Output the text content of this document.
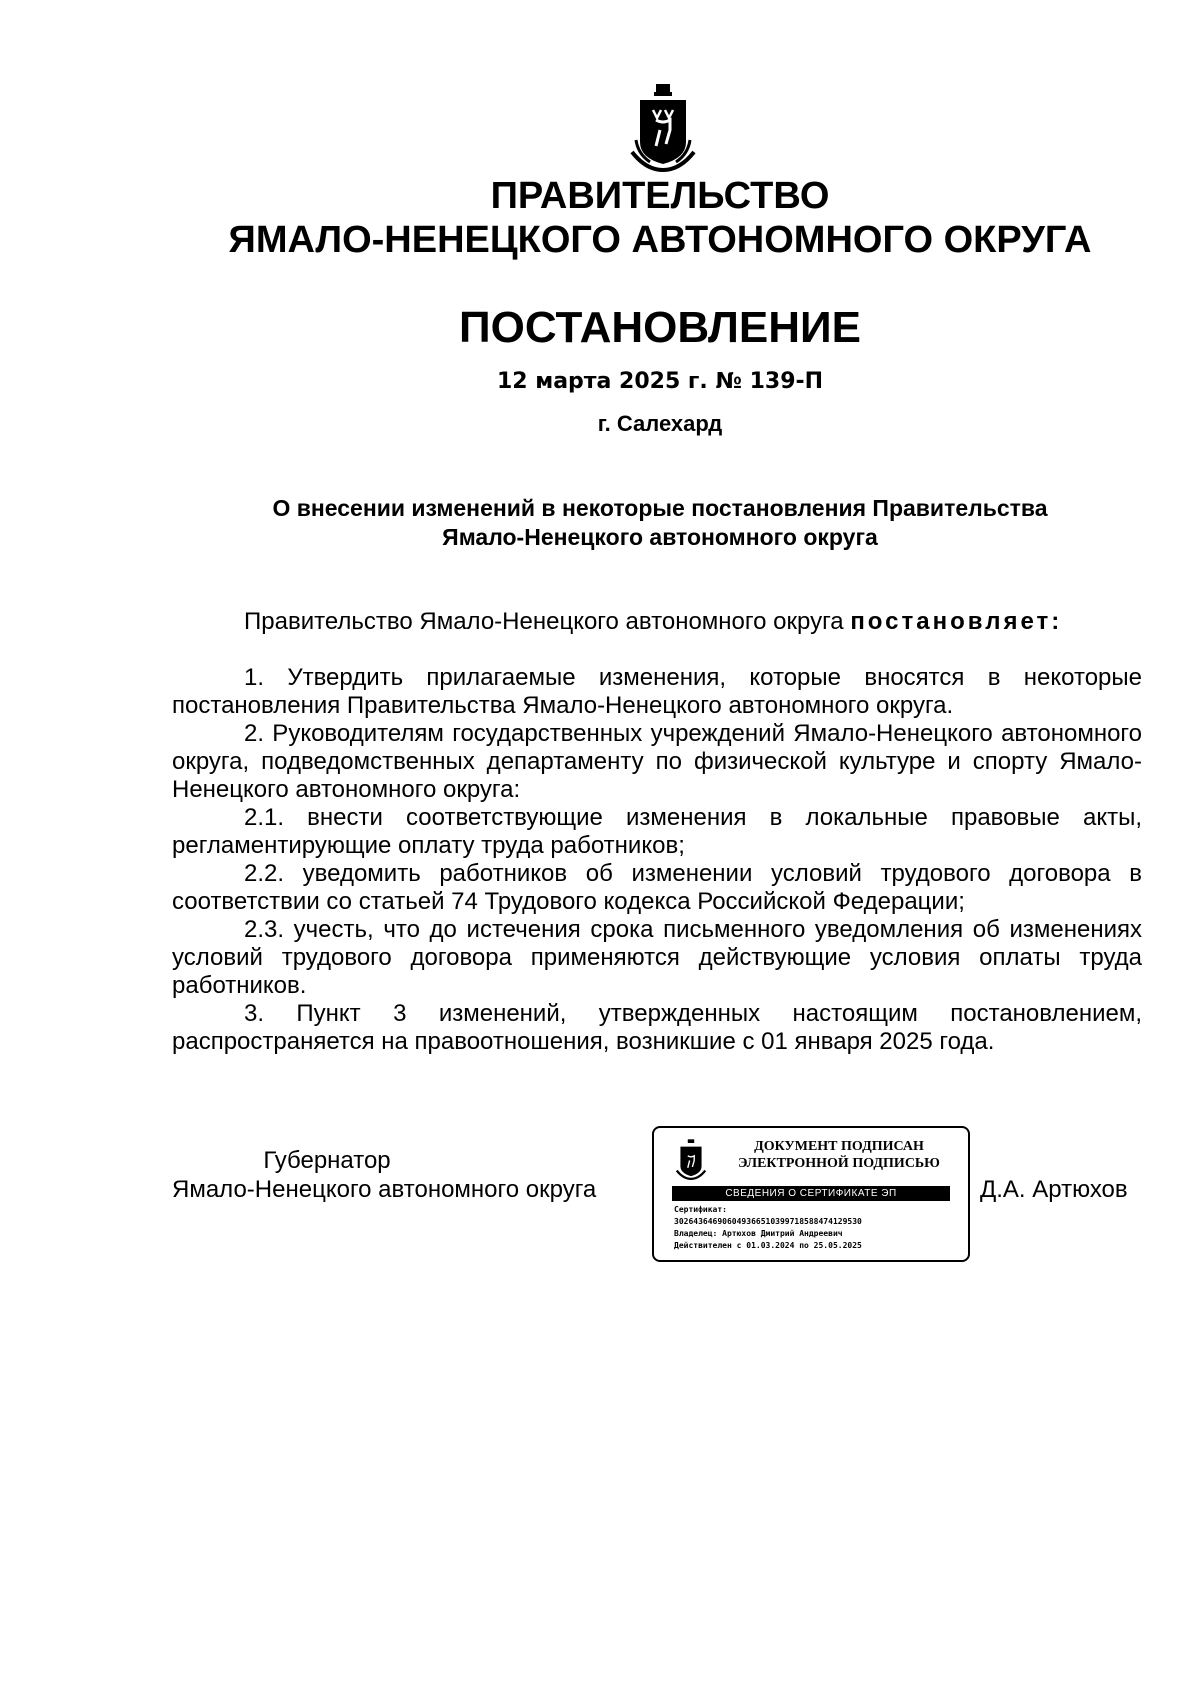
ПРАВИТЕЛЬСТВО
ЯМАЛО-НЕНЕЦКОГО АВТОНОМНОГО ОКРУГА
ПОСТАНОВЛЕНИЕ
12 марта 2025 г. № 139-П
г. Салехард
О внесении изменений в некоторые постановления Правительства
Ямало-Ненецкого автономного округа

Правительство Ямало-Ненецкого автономного округа постановляет:

1. Утвердить прилагаемые изменения, которые вносятся в некоторые постановления Правительства Ямало-Ненецкого автономного округа.

2. Руководителям государственных учреждений Ямало-Ненецкого автономного округа, подведомственных департаменту по физической культуре и спорту Ямало-Ненецкого автономного округа:

2.1. внести соответствующие изменения в локальные правовые акты, регламентирующие оплату труда работников;

2.2. уведомить работников об изменении условий трудового договора в соответствии со статьей 74 Трудового кодекса Российской Федерации;

2.3. учесть, что до истечения срока письменного уведомления об изменениях условий трудового договора применяются действующие условия оплаты труда работников.

3. Пункт 3 изменений, утвержденных настоящим постановлением, распространяется на правоотношения, возникшие с 01 января 2025 года.

Губернатор
Ямало-Ненецкого автономного округа
ДОКУМЕНТ ПОДПИСАН
ЭЛЕКТРОННОЙ ПОДПИСЬЮ
СВЕДЕНИЯ О СЕРТИФИКАТЕ ЭП
Сертификат:
30264364690604936651039971858847412953​0
Владелец: Артюхов Дмитрий Андреевич
Действителен с 01.03.2024 по 25.05.2025
Д.А. Артюхов
